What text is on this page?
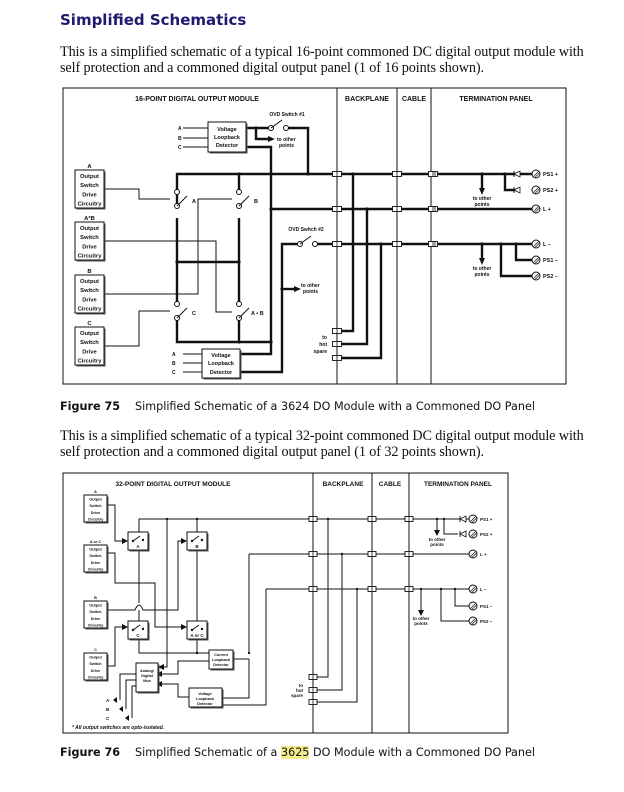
Simplified Schematics
This is a simplified schematic of a typical 16-point commoned DC digital output module with
self protection and a commoned digital output panel (1 of 16 points shown).
16-POINT DIGITAL OUTPUT MODULE	BACKPLANE CABLE	TERMINATION PANEL
A	B
C	A • B
OVD Switch #1
OVD Switch #2
to other
points
to other
points
to other
points
to other
points
Voltage
Loopback
Detector
Voltage
Loopback
Detector
A
B
C
A
B
C
A
Output
Switch
Drive
Circuitry
A*B
Output
Switch
Drive
Circuitry
B
Output
Switch
Drive
Circuitry
C
Output
Switch
Drive
Circuitry
to
hot
spare
PS1 +
PS2 +
L +
L –
PS1 –
PS2 –
Figure 75 Simplified Schematic of a 3624 DO Module with a Commoned DO Panel
This is a simplified schematic of a typical 32-point commoned DC digital output module with
self protection and a commoned digital output panel (1 of 32 points shown).
32-POINT DIGITAL OUTPUT MODULE	BACKPLANE CABLE	TERMINATION PANEL
A	B
C	A or C
Current
Loopback
Detector
Analog/
Digital
Mux
Voltage
Loopback
Detector
A
B
C
A
Output
Switch
Drive
Circuitry
A or C
Output
Switch
Drive
Circuitry
B
Output
Switch
Drive
Circuitry
C
Output
Switch
Drive
Circuitry
to
hot
spare
to other
points
to other
points
PS1 +
PS2 +
L +
L –
PS1 –
PS2 –
* All output switches are opto-isolated.
Figure 76 Simplified Schematic of a 3625 DO Module with a Commoned DO Panel
